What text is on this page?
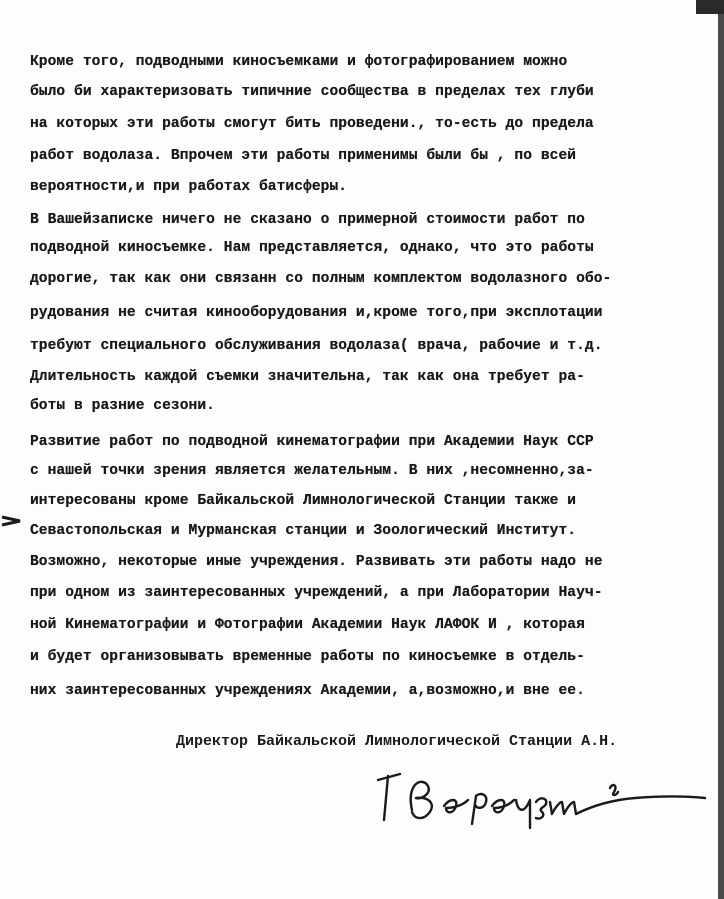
Кроме того, подводными киносъемками и фотографированием можно
было би характеризовать типичние сообщества в пределах тех глуби
на которых эти работы смогут бить проведени., то-есть до предела
работ водолаза. Впрочем эти работы применимы были бы , по всей
вероятности,и при работах батисферы.
В Вашейзаписке ничего не сказано о примерной стоимости работ по
подводной киносъемке. Нам представляется, однако, что это работы
дорогие, так как они связанн со полным комплектом водолазного обо-
рудования не считая кинооборудования и,кроме того,при эксплотации
требуют специального обслуживания водолаза( врача, рабочие и т.д.
Длительность каждой съемки значительна, так как она требует ра-
боты в разние сезони.
Развитие работ по подводной кинематографии при Академии Наук ССР
с нашей точки зрения является желательным. В них ,несомненно,за-
интересованы кроме Байкальской Лимнологической Станции также и
Севастопольская и Мурманская станции и Зоологический Институт.
Возможно, некоторые иные учреждения. Развивать эти работы надо не
при одном из заинтересованных учреждений, а при Лаборатории Науч-
ной Кинематографии и Фотографии Академии Наук ЛАФОК И , которая
и будет организовывать временные работы по киносъемке в отдель-
них заинтересованных учреждениях Академии, а,возможно,и вне ее.
Директор Байкальской Лимнологической Станции А.Н.
